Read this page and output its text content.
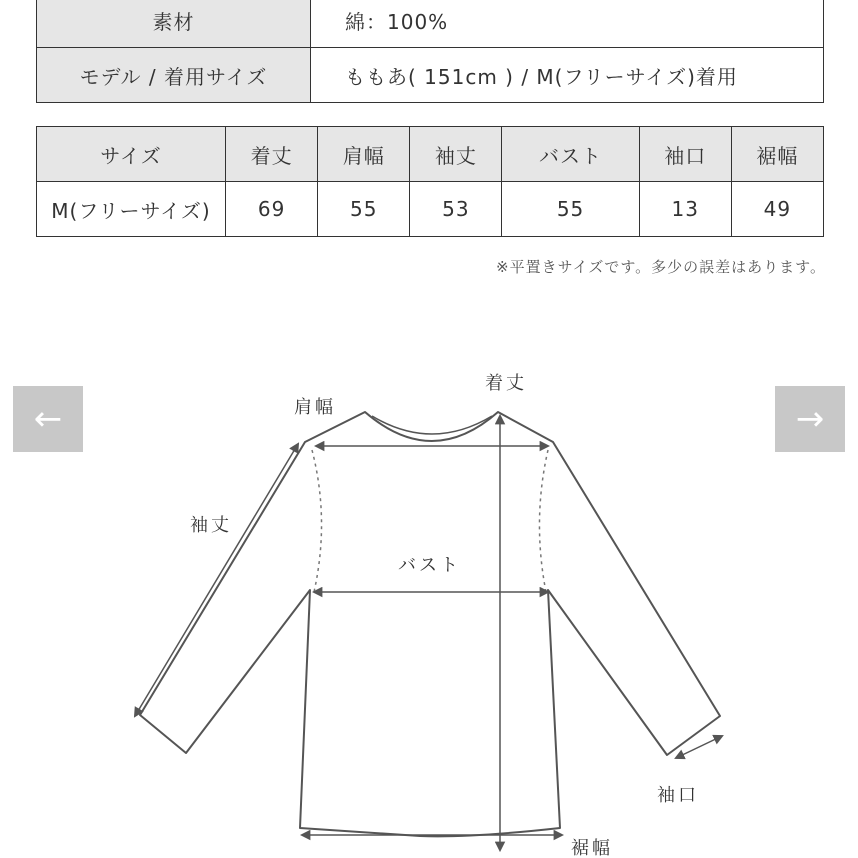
素材	綿：100%
モデル / 着用サイズ	ももあ( 151cm ) / M(フリーサイズ)着用
サイズ	着丈	肩幅	袖丈	バスト	袖口	裾幅
M(フリーサイズ)	69	55	53	55	13	49
※平置きサイズです。多少の誤差はあります。
←	→
着丈
肩幅
袖丈
バスト
袖口
裾幅
